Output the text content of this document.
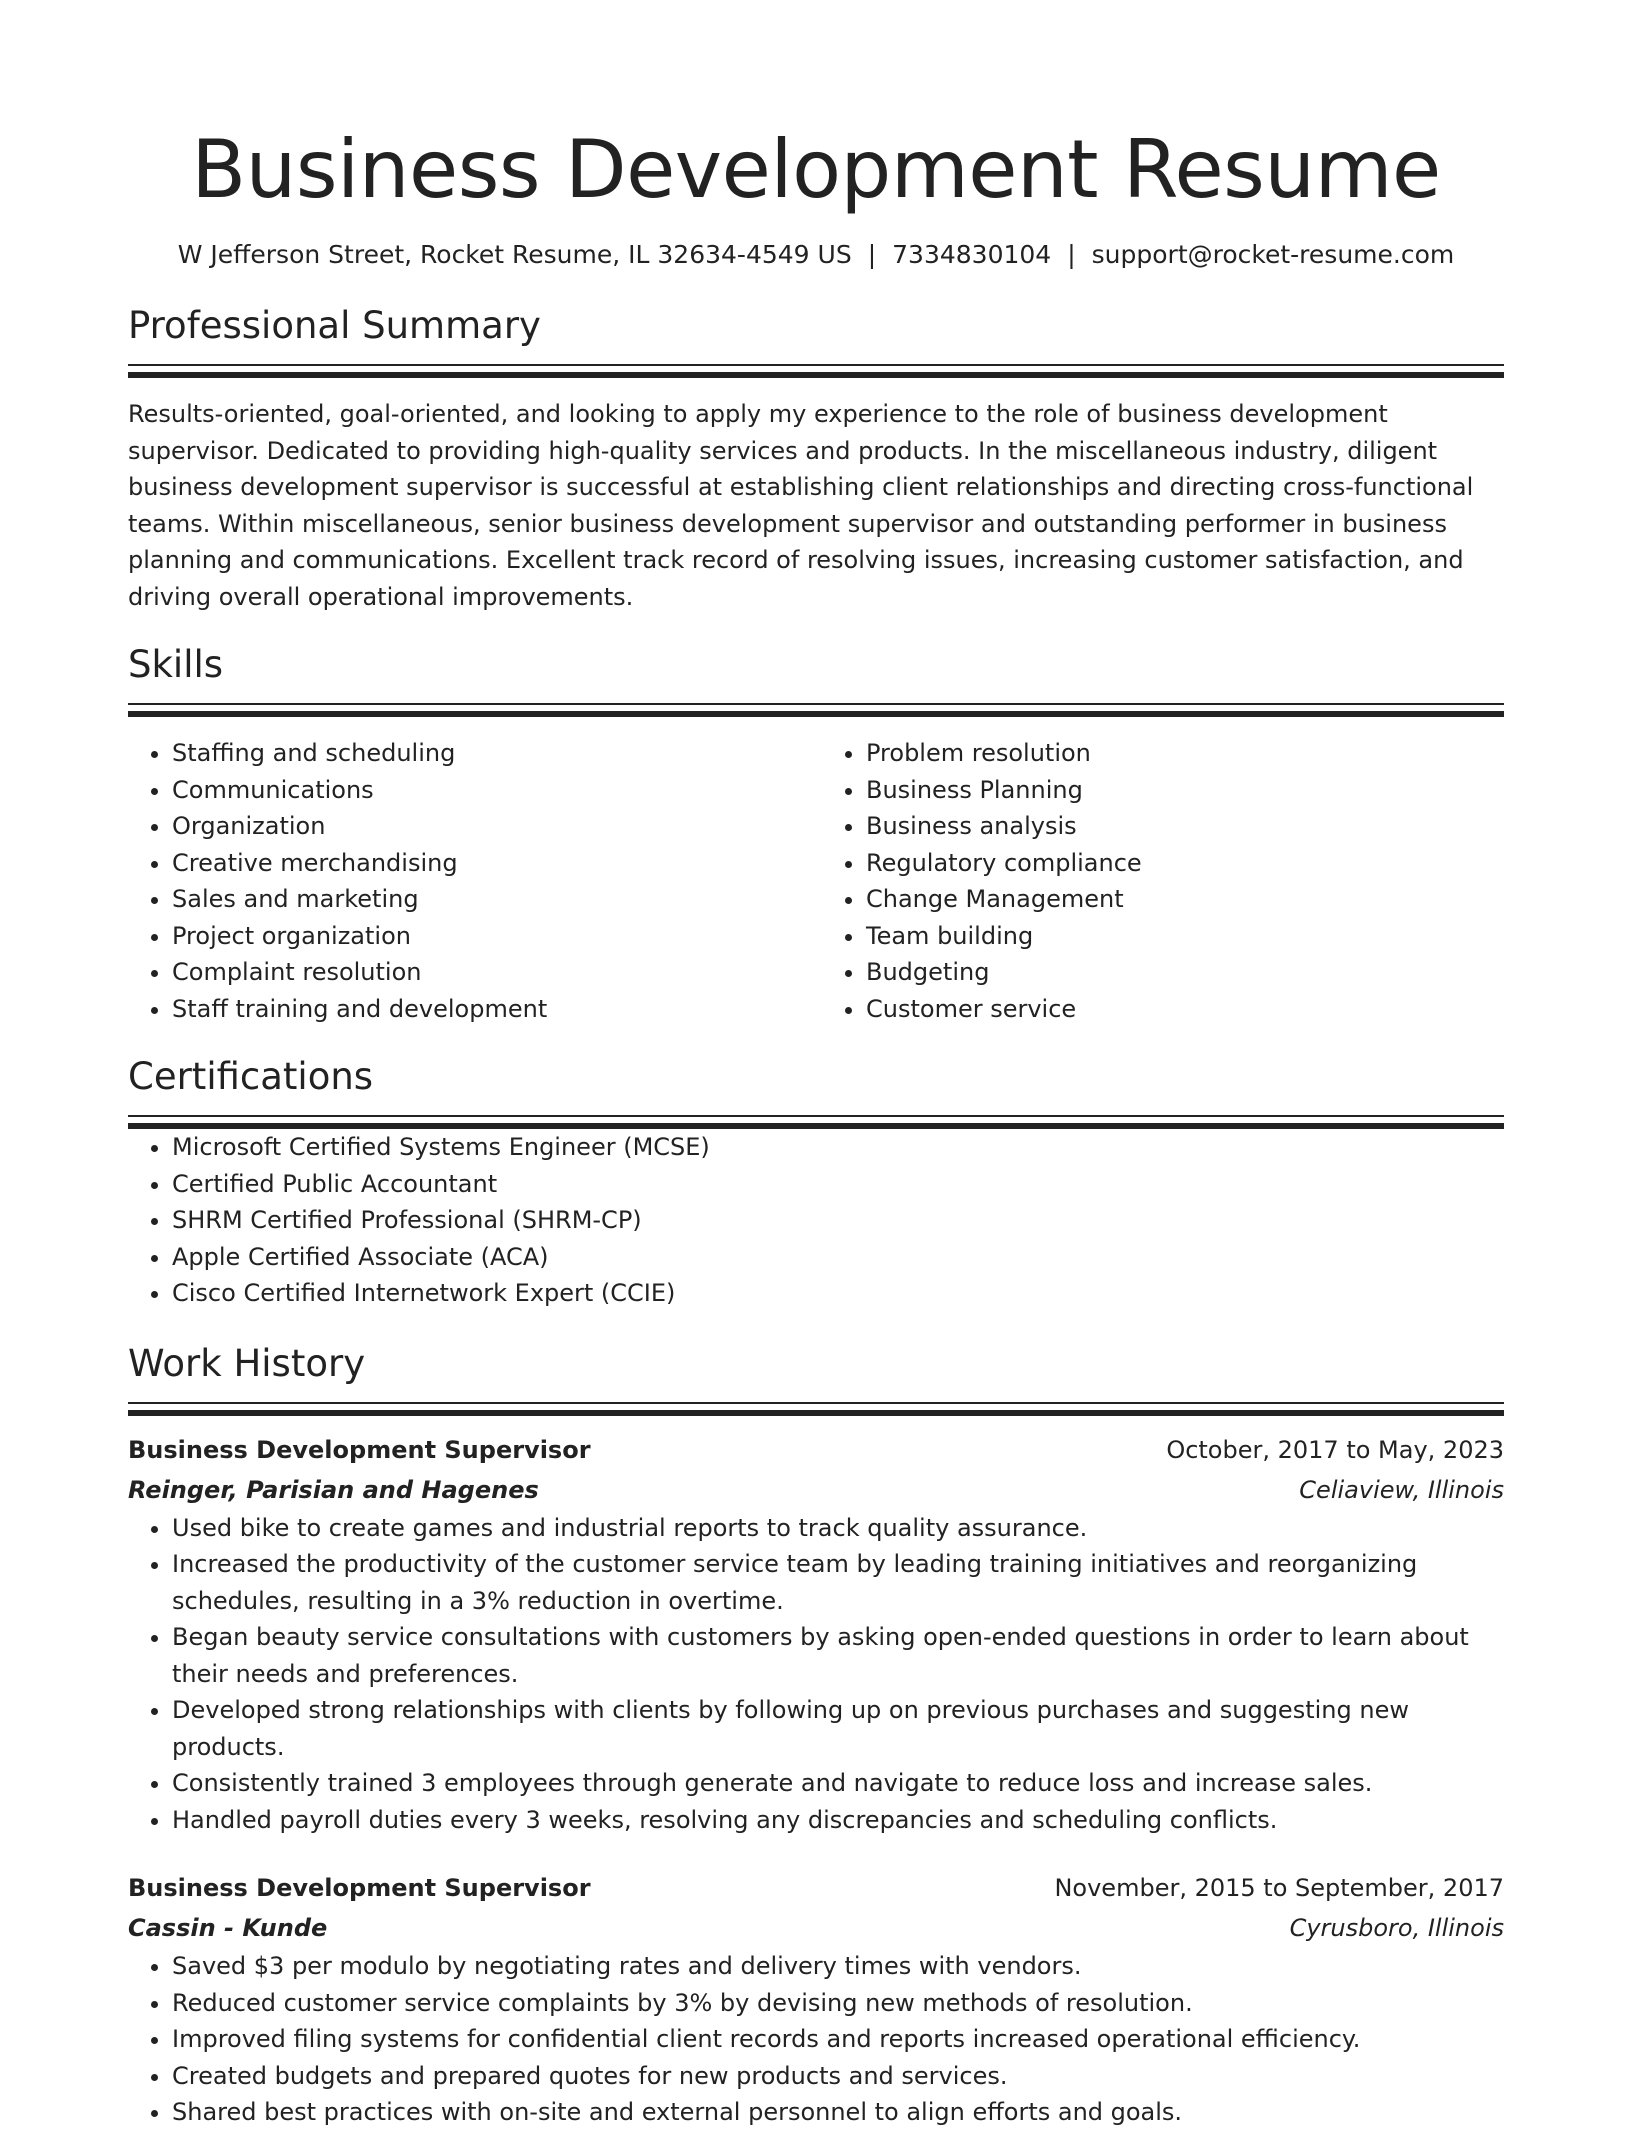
Business Development Resume
W Jefferson Street, Rocket Resume, IL 32634-4549 US | 7334830104 | support@rocket-resume.com
Professional Summary
Results-oriented, goal-oriented, and looking to apply my experience to the role of business development supervisor. Dedicated to providing high-quality services and products. In the miscellaneous industry, diligent business development supervisor is successful at establishing client relationships and directing cross-functional teams. Within miscellaneous, senior business development supervisor and outstanding performer in business planning and communications. Excellent track record of resolving issues, increasing customer satisfaction, and driving overall operational improvements.
Skills
• Staffing and scheduling
• Communications
• Organization
• Creative merchandising
• Sales and marketing
• Project organization
• Complaint resolution
• Staff training and development
• Problem resolution
• Business Planning
• Business analysis
• Regulatory compliance
• Change Management
• Team building
• Budgeting
• Customer service
Certifications
• Microsoft Certified Systems Engineer (MCSE)
• Certified Public Accountant
• SHRM Certified Professional (SHRM-CP)
• Apple Certified Associate (ACA)
• Cisco Certified Internetwork Expert (CCIE)
Work History
Business Development Supervisor	October, 2017 to May, 2023
Reinger, Parisian and Hagenes	Celiaview, Illinois
• Used bike to create games and industrial reports to track quality assurance.
• Increased the productivity of the customer service team by leading training initiatives and reorganizing schedules, resulting in a 3% reduction in overtime.
• Began beauty service consultations with customers by asking open-ended questions in order to learn about their needs and preferences.
• Developed strong relationships with clients by following up on previous purchases and suggesting new products.
• Consistently trained 3 employees through generate and navigate to reduce loss and increase sales.
• Handled payroll duties every 3 weeks, resolving any discrepancies and scheduling conflicts.
Business Development Supervisor	November, 2015 to September, 2017
Cassin - Kunde	Cyrusboro, Illinois
• Saved $3 per modulo by negotiating rates and delivery times with vendors.
• Reduced customer service complaints by 3% by devising new methods of resolution.
• Improved filing systems for confidential client records and reports increased operational efficiency.
• Created budgets and prepared quotes for new products and services.
• Shared best practices with on-site and external personnel to align efforts and goals.
